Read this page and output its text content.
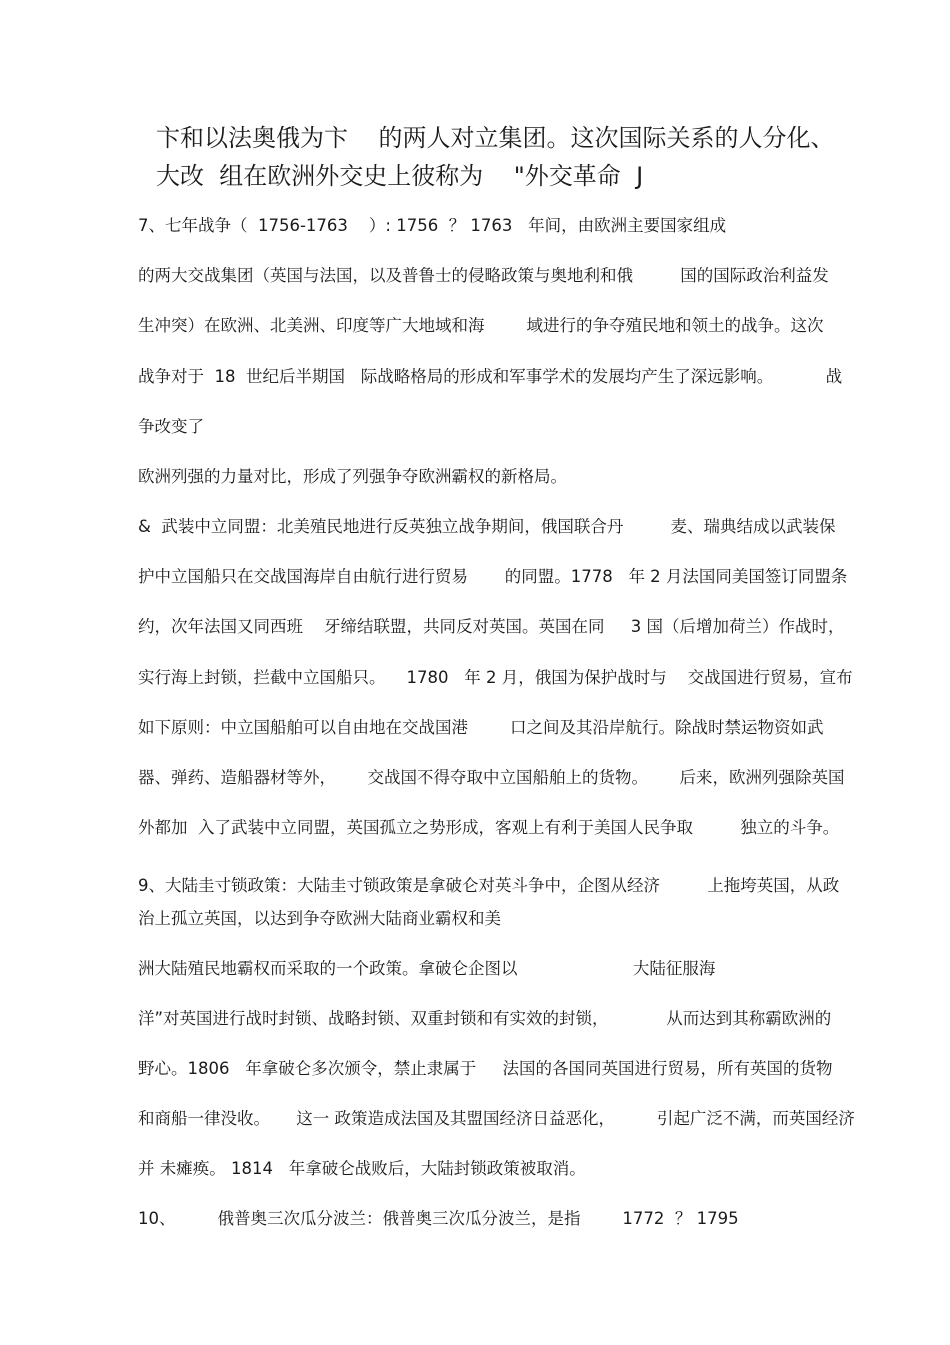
卞和以法奥俄为卞    的两人对立集团。这次国际关系的人分化、
大改  组在欧洲外交史上彼称为    "外交革命  J
7、七年战争（  1756-1763    ）: 1756  ？ 1763   年间，由欧洲主要国家组成
的两大交战集团（英国与法国，以及普鲁士的侵略政策与奥地利和俄         国的国际政治利益发
生冲突）在欧洲、北美洲、印度等广大地域和海        域进行的争夺殖民地和领土的战争。这次
战争对于  18  世纪后半期国   际战略格局的形成和军事学术的发展均产生了深远影响。          战
争改变了
欧洲列强的力量对比，形成了列强争夺欧洲霸权的新格局。
&  武装中立同盟：北美殖民地进行反英独立战争期间，俄国联合丹         麦、瑞典结成以武装保
护中立国船只在交战国海岸自由航行进行贸易       的同盟。1778   年 2 月法国同美国签订同盟条
约，次年法国又同西班    牙缔结联盟，共同反对英国。英国在同     3 国（后增加荷兰）作战时，
实行海上封锁，拦截中立国船只。    1780   年 2 月，俄国为保护战时与    交战国进行贸易，宣布
如下原则：中立国船舶可以自由地在交战国港        口之间及其沿岸航行。除战时禁运物资如武
器、弹药、造船器材等外，      交战国不得夺取中立国船舶上的货物。      后来，欧洲列强除英国
外都加  入了武装中立同盟，英国孤立之势形成，客观上有利于美国人民争取         独立的斗争。
9、大陆圭寸锁政策：大陆圭寸锁政策是拿破仑对英斗争中，企图从经济         上拖垮英国，从政
治上孤立英国，以达到争夺欧洲大陆商业霸权和美
洲大陆殖民地霸权而采取的一个政策。拿破仑企图以                      大陆征服海
洋”对英国进行战时封锁、战略封锁、双重封锁和有实效的封锁，           从而达到其称霸欧洲的
野心。1806   年拿破仑多次颁令，禁止隶属于     法国的各国同英国进行贸易，所有英国的货物
和商船一律没收。     这一 政策造成法国及其盟国经济日益恶化，        引起广泛不满，而英国经济
并 未瘫痪。 1814   年拿破仑战败后，大陆封锁政策被取消。
10、        俄普奥三次瓜分波兰：俄普奥三次瓜分波兰，是指        1772  ？ 1795
